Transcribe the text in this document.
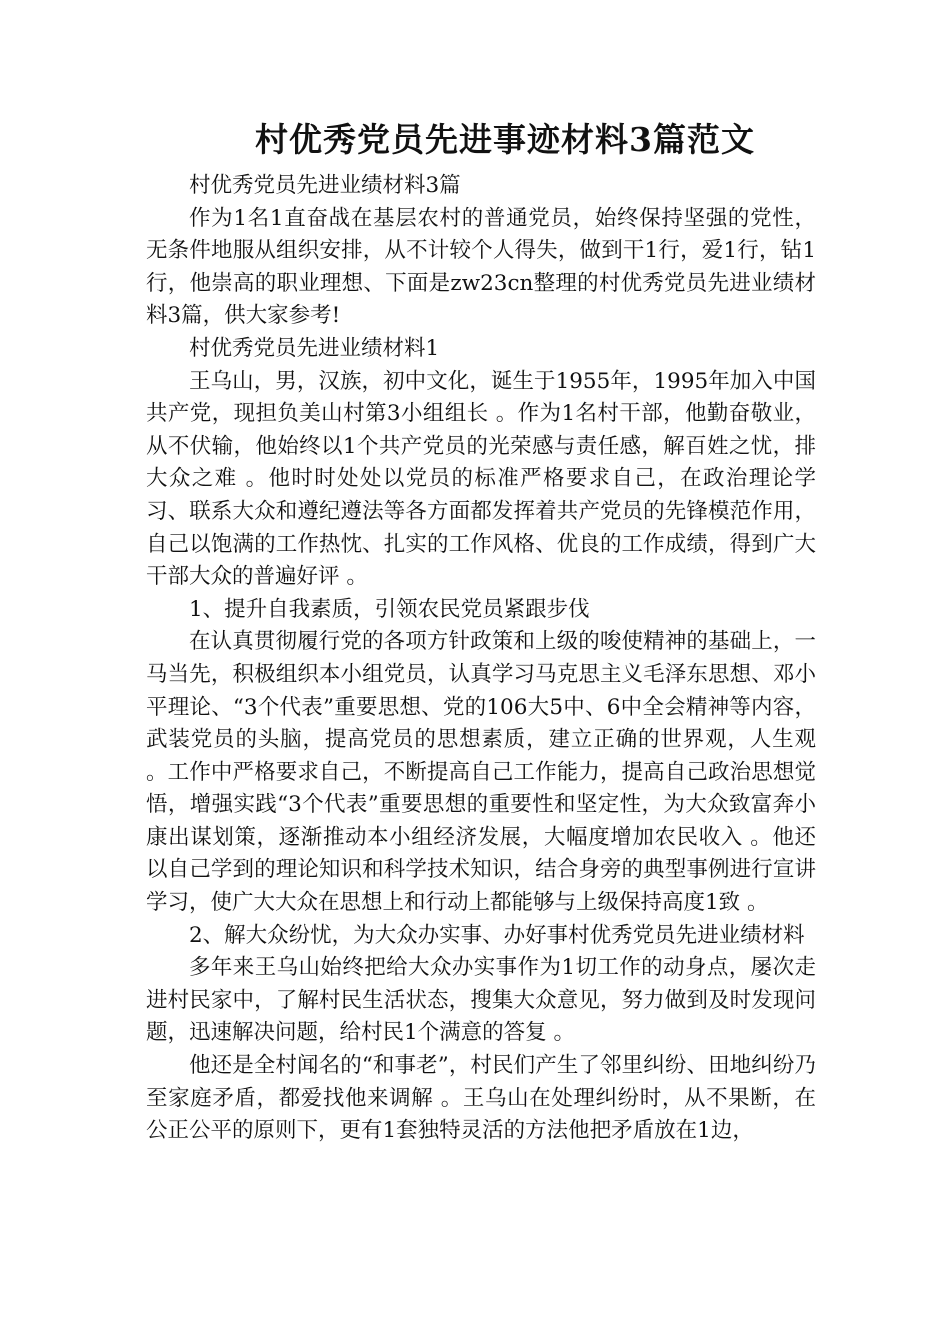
村优秀党员先进事迹材料3篇范文

村优秀党员先进业绩材料3篇

作为1名1直奋战在基层农村的普通党员，始终保持坚强的党性，无条件地服从组织安排，从不计较个人得失，做到干1行，爱1行，钻1行，他崇高的职业理想、下面是zw23cn整理的村优秀党员先进业绩材料3篇，供大家参考!

村优秀党员先进业绩材料1

王乌山，男，汉族，初中文化，诞生于1955年，1995年加入中国共产党，现担负美山村第3小组组长 。作为1名村干部，他勤奋敬业，从不伏输，他始终以1个共产党员的光荣感与责任感，解百姓之忧，排大众之难 。他时时处处以党员的标准严格要求自己，在政治理论学习、联系大众和遵纪遵法等各方面都发挥着共产党员的先锋模范作用，自己以饱满的工作热忱、扎实的工作风格、优良的工作成绩，得到广大干部大众的普遍好评 。

1、提升自我素质，引领农民党员紧跟步伐

在认真贯彻履行党的各项方针政策和上级的唆使精神的基础上，一马当先，积极组织本小组党员，认真学习马克思主义毛泽东思想、邓小平理论、“3个代表”重要思想、党的106大5中、6中全会精神等内容，武装党员的头脑，提高党员的思想素质，建立正确的世界观，人生观 。工作中严格要求自己，不断提高自己工作能力，提高自己政治思想觉悟，增强实践“3个代表”重要思想的重要性和坚定性，为大众致富奔小康出谋划策，逐渐推动本小组经济发展，大幅度增加农民收入 。他还以自己学到的理论知识和科学技术知识，结合身旁的典型事例进行宣讲学习，使广大大众在思想上和行动上都能够与上级保持高度1致 。

2、解大众纷忧，为大众办实事、办好事村优秀党员先进业绩材料

多年来王乌山始终把给大众办实事作为1切工作的动身点，屡次走进村民家中，了解村民生活状态，搜集大众意见，努力做到及时发现问题，迅速解决问题，给村民1个满意的答复 。

他还是全村闻名的“和事老”，村民们产生了邻里纠纷、田地纠纷乃至家庭矛盾，都爱找他来调解 。王乌山在处理纠纷时，从不果断，在公正公平的原则下，更有1套独特灵活的方法他把矛盾放在1边，
